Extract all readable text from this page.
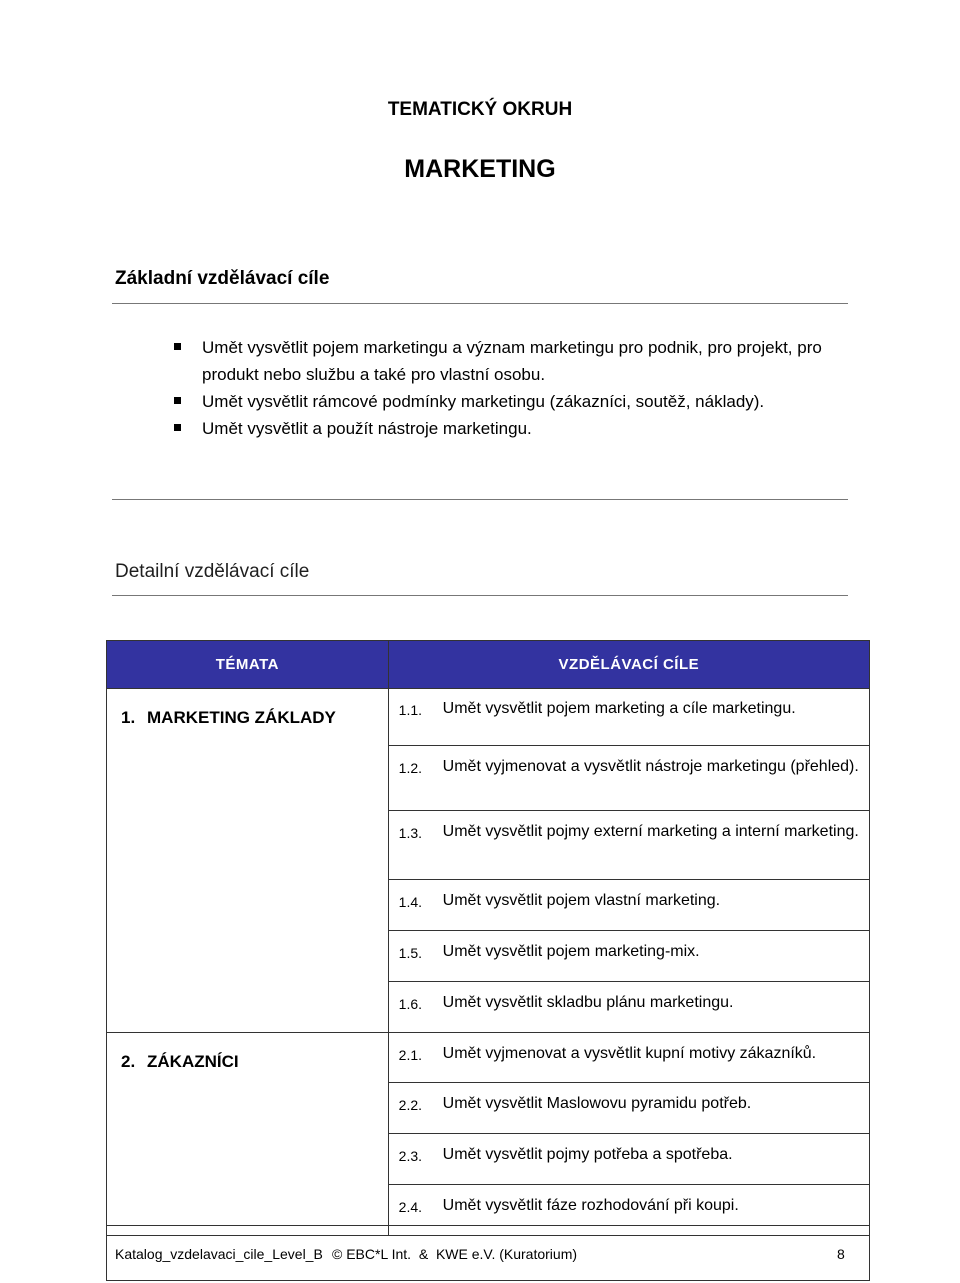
TEMATICKÝ OKRUH
MARKETING
Základní vzdělávací cíle
Umět vysvětlit pojem marketingu a význam marketingu pro podnik, pro projekt, pro produkt nebo službu a také pro vlastní osobu.
Umět vysvětlit rámcové podmínky marketingu (zákazníci, soutěž, náklady).
Umět vysvětlit a použít nástroje marketingu.
Detailní vzdělávací cíle
TÉMATA	VZDĚLÁVACÍ CÍLE
1. MARKETING ZÁKLADY	1.1. Umět vysvětlit pojem marketing a cíle marketingu.

	1.2. Umět vyjmenovat a vysvětlit nástroje marketingu (přehled).

	1.3. Umět vysvětlit pojmy externí marketing a interní marketing.

	1.4. Umět vysvětlit pojem vlastní marketing.

	1.5. Umět vysvětlit pojem marketing-mix.

	1.6. Umět vysvětlit skladbu plánu marketingu.

2. ZÁKAZNÍCI	2.1. Umět vyjmenovat a vysvětlit kupní motivy zákazníků.

	2.2. Umět vysvětlit Maslowovu pyramidu potřeb.

	2.3. Umět vysvětlit pojmy potřeba a spotřeba.

	2.4. Umět vysvětlit fáze rozhodování při koupi.
Katalog_vzdelavaci_cile_Level_B © EBC*L Int.  &  KWE e.V. (Kuratorium)	8
